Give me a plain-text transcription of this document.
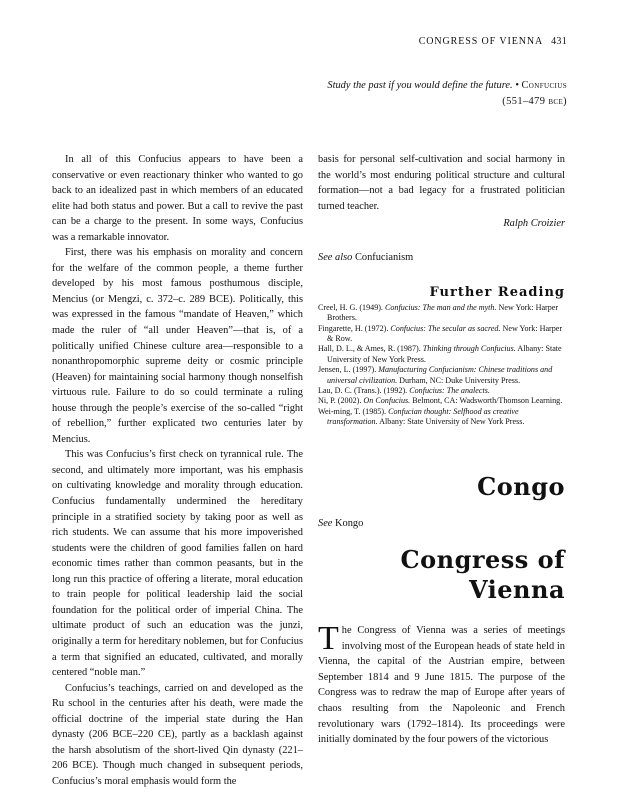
CONGRESS OF VIENNA 431
Study the past if you would define the future. • Confucius (551–479 bce)

In all of this Confucius appears to have been a conservative or even reactionary thinker who wanted to go back to an idealized past in which members of an educated elite had both status and power. But a call to revive the past can be a charge to the present. In some ways, Confucius was a remarkable innovator.

First, there was his emphasis on morality and concern for the welfare of the common people, a theme further developed by his most famous posthumous disciple, Mencius (or Mengzi, c. 372–c. 289 BCE). Politically, this was expressed in the famous “mandate of Heaven,” which made the ruler of “all under Heaven”—that is, of a politically unified Chinese culture area—responsible to a nonanthropomorphic supreme deity or cosmic principle (Heaven) for maintaining social harmony though nonselfish virtuous rule. Failure to do so could terminate a ruling house through the people’s exercise of the so-called “right of rebellion,” further explicated two centuries later by Mencius.

This was Confucius’s first check on tyrannical rule. The second, and ultimately more important, was his emphasis on cultivating knowledge and morality through education. Confucius fundamentally undermined the hereditary principle in a stratified society by taking poor as well as rich students. We can assume that his more impoverished students were the children of good families fallen on hard economic times rather than common peasants, but in the long run this practice of offering a literate, moral education to train people for political leadership laid the social foundation for the political order of imperial China. The ultimate product of such an education was the junzi, originally a term for hereditary noblemen, but for Confucius a term that signified an educated, cultivated, and morally centered “noble man.”

Confucius’s teachings, carried on and developed as the Ru school in the centuries after his death, were made the official doctrine of the imperial state during the Han dynasty (206 BCE–220 CE), partly as a backlash against the harsh absolutism of the short-lived Qin dynasty (221–206 BCE). Though much changed in subsequent periods, Confucius’s moral emphasis would form the

basis for personal self-cultivation and social harmony in the world’s most enduring political structure and cultural formation—not a bad legacy for a frustrated politician turned teacher.

Ralph Croizier
See also Confucianism
Further Reading
Creel, H. G. (1949). Confucius: The man and the myth. New York: Harper Brothers.
Fingarette, H. (1972). Confucius: The secular as sacred. New York: Harper & Row.
Hall, D. L., & Ames, R. (1987). Thinking through Confucius. Albany: State University of New York Press.
Jensen, L. (1997). Manufacturing Confucianism: Chinese traditions and universal civilization. Durham, NC: Duke University Press.
Lau, D. C. (Trans.). (1992). Confucius: The analects.
Ni, P. (2002). On Confucius. Belmont, CA: Wadsworth/Thomson Learning.
Wei-ming, T. (1985). Confucian thought: Selfhood as creative transformation. Albany: State University of New York Press.
Congo
See Kongo
Congress of
Vienna

The Congress of Vienna was a series of meetings involving most of the European heads of state held in Vienna, the capital of the Austrian empire, between September 1814 and 9 June 1815. The purpose of the Congress was to redraw the map of Europe after years of chaos resulting from the Napoleonic and French revolutionary wars (1792–1814). Its proceedings were initially dominated by the four powers of the victorious
